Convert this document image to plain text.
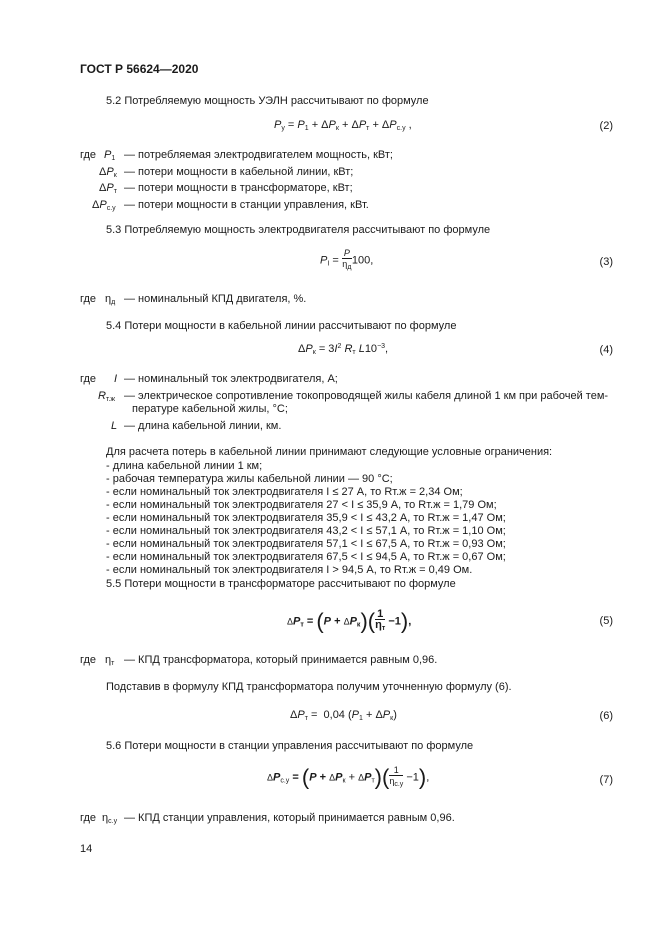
ГОСТ Р 56624—2020
5.2 Потребляемую мощность УЭЛН рассчитывают по формуле
$P_у = P_1 + \Delta P_к + \Delta P_т + \Delta P_{с.у}$ ,	(2)
где $P_1$ — потребляемая электродвигателем мощность, кВт;
$\Delta P_к$ — потери мощности в кабельной линии, кВт;
$\Delta P_т$ — потери мощности в трансформаторе, кВт;
$\Delta P_{с.у}$ — потери мощности в станции управления, кВт.
5.3 Потребляемую мощность электродвигателя рассчитывают по формуле
$P_I = \frac{P}{\eta_д} 100$,	(3)
где $\eta_д$ — номинальный КПД двигателя, %.
5.4 Потери мощности в кабельной линии рассчитывают по формуле
$\Delta P_к = 3I^2$ $R_т$ $L10^{-3}$,	(4)
где I — номинальный ток электродвигателя, А;
$R_{т.ж}$ — электрическое сопротивление токопроводящей жилы кабеля длиной 1 км при рабочей тем-
пературе кабельной жилы, °С;
L — длина кабельной линии, км.
Для расчета потерь в кабельной линии принимают следующие условные ограничения:
- длина кабельной линии 1 км;
- рабочая температура жилы кабельной линии — 90 °С;
- если номинальный ток электродвигателя I ≤ 27 А, то Rт.ж = 2,34 Ом;
- если номинальный ток электродвигателя 27 < I ≤ 35,9 А, то Rт.ж = 1,79 Ом;
- если номинальный ток электродвигателя 35,9 < I ≤ 43,2 А, то Rт.ж = 1,47 Ом;
- если номинальный ток электродвигателя 43,2 < I ≤ 57,1 А, то Rт.ж = 1,10 Ом;
- если номинальный ток электродвигателя 57,1 < I ≤ 67,5 А, то Rт.ж = 0,93 Ом;
- если номинальный ток электродвигателя 67,5 < I ≤ 94,5 А, то Rт.ж = 0,67 Ом;
- если номинальный ток электродвигателя I > 94,5 А, то Rт.ж = 0,49 Ом.
5.5 Потери мощности в трансформаторе рассчитывают по формуле
$\Delta P_т = (P + \Delta P_к)( \frac{1}{\eta_т} -1)$,	(5)
где $\eta_т$ — КПД трансформатора, который принимается равным 0,96.
Подставив в формулу КПД трансформатора получим уточненную формулу (6).
$\Delta P_т = 0,04$ $(P_1 + \Delta P_к)$	(6)
5.6 Потери мощности в станции управления рассчитывают по формуле
$\Delta P_{с.у} = (P + \Delta P_к + \Delta P_т)( \frac{1}{\eta_{с.у}} -1)$,	(7)
где $\eta_{с.у}$ — КПД станции управления, который принимается равным 0,96.
14
